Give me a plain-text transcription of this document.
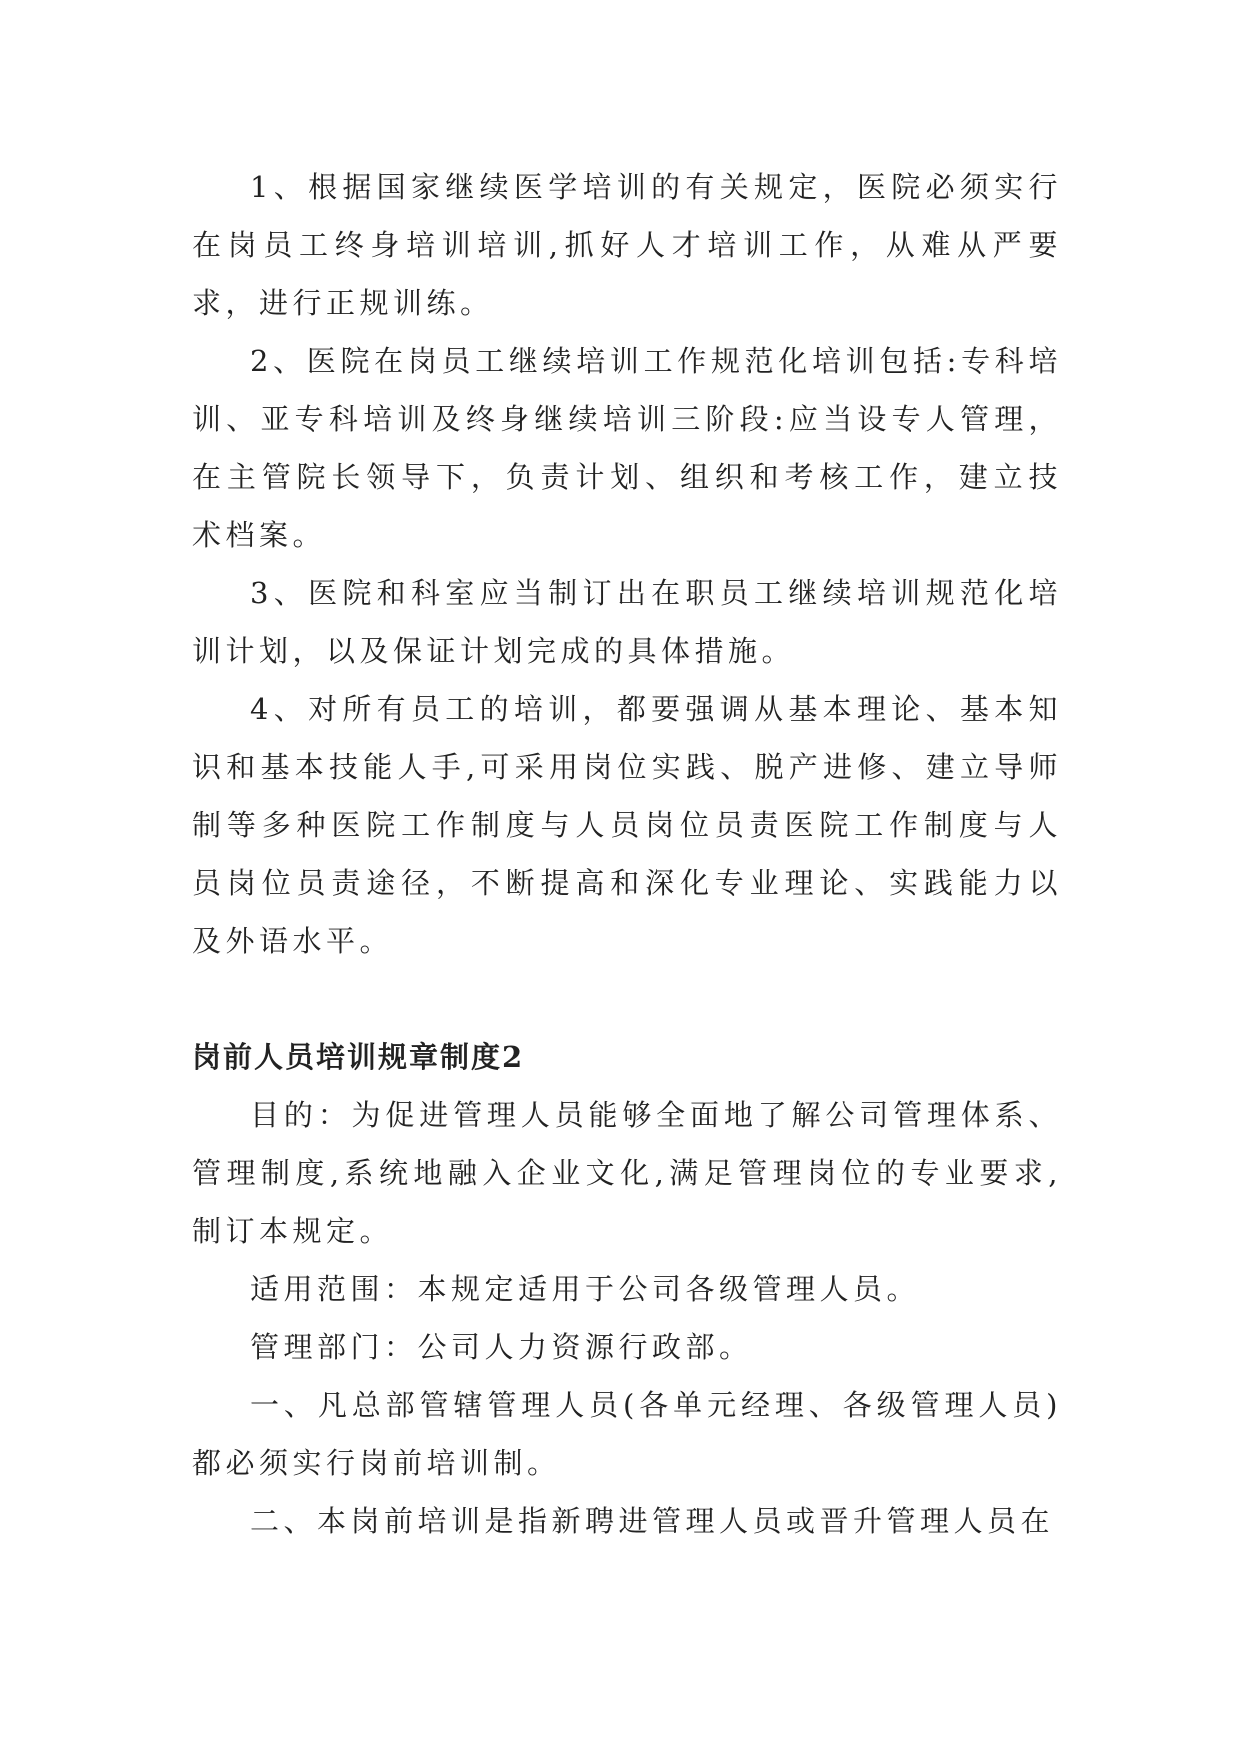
1、根据国家继续医学培训的有关规定，医院必须实行在岗员工终身培训培训,抓好人才培训工作，从难从严要求，进行正规训练。

2、医院在岗员工继续培训工作规范化培训包括:专科培训、亚专科培训及终身继续培训三阶段:应当设专人管理，在主管院长领导下，负责计划、组织和考核工作，建立技术档案。

3、医院和科室应当制订出在职员工继续培训规范化培训计划，以及保证计划完成的具体措施。

4、对所有员工的培训，都要强调从基本理论、基本知识和基本技能人手,可采用岗位实践、脱产进修、建立导师制等多种医院工作制度与人员岗位员责医院工作制度与人员岗位员责途径，不断提高和深化专业理论、实践能力以及外语水平。

岗前人员培训规章制度2

目的：为促进管理人员能够全面地了解公司管理体系、管理制度,系统地融入企业文化,满足管理岗位的专业要求,制订本规定。

适用范围：本规定适用于公司各级管理人员。

管理部门：公司人力资源行政部。

一、凡总部管辖管理人员(各单元经理、各级管理人员)都必须实行岗前培训制。

二、本岗前培训是指新聘进管理人员或晋升管理人员在
